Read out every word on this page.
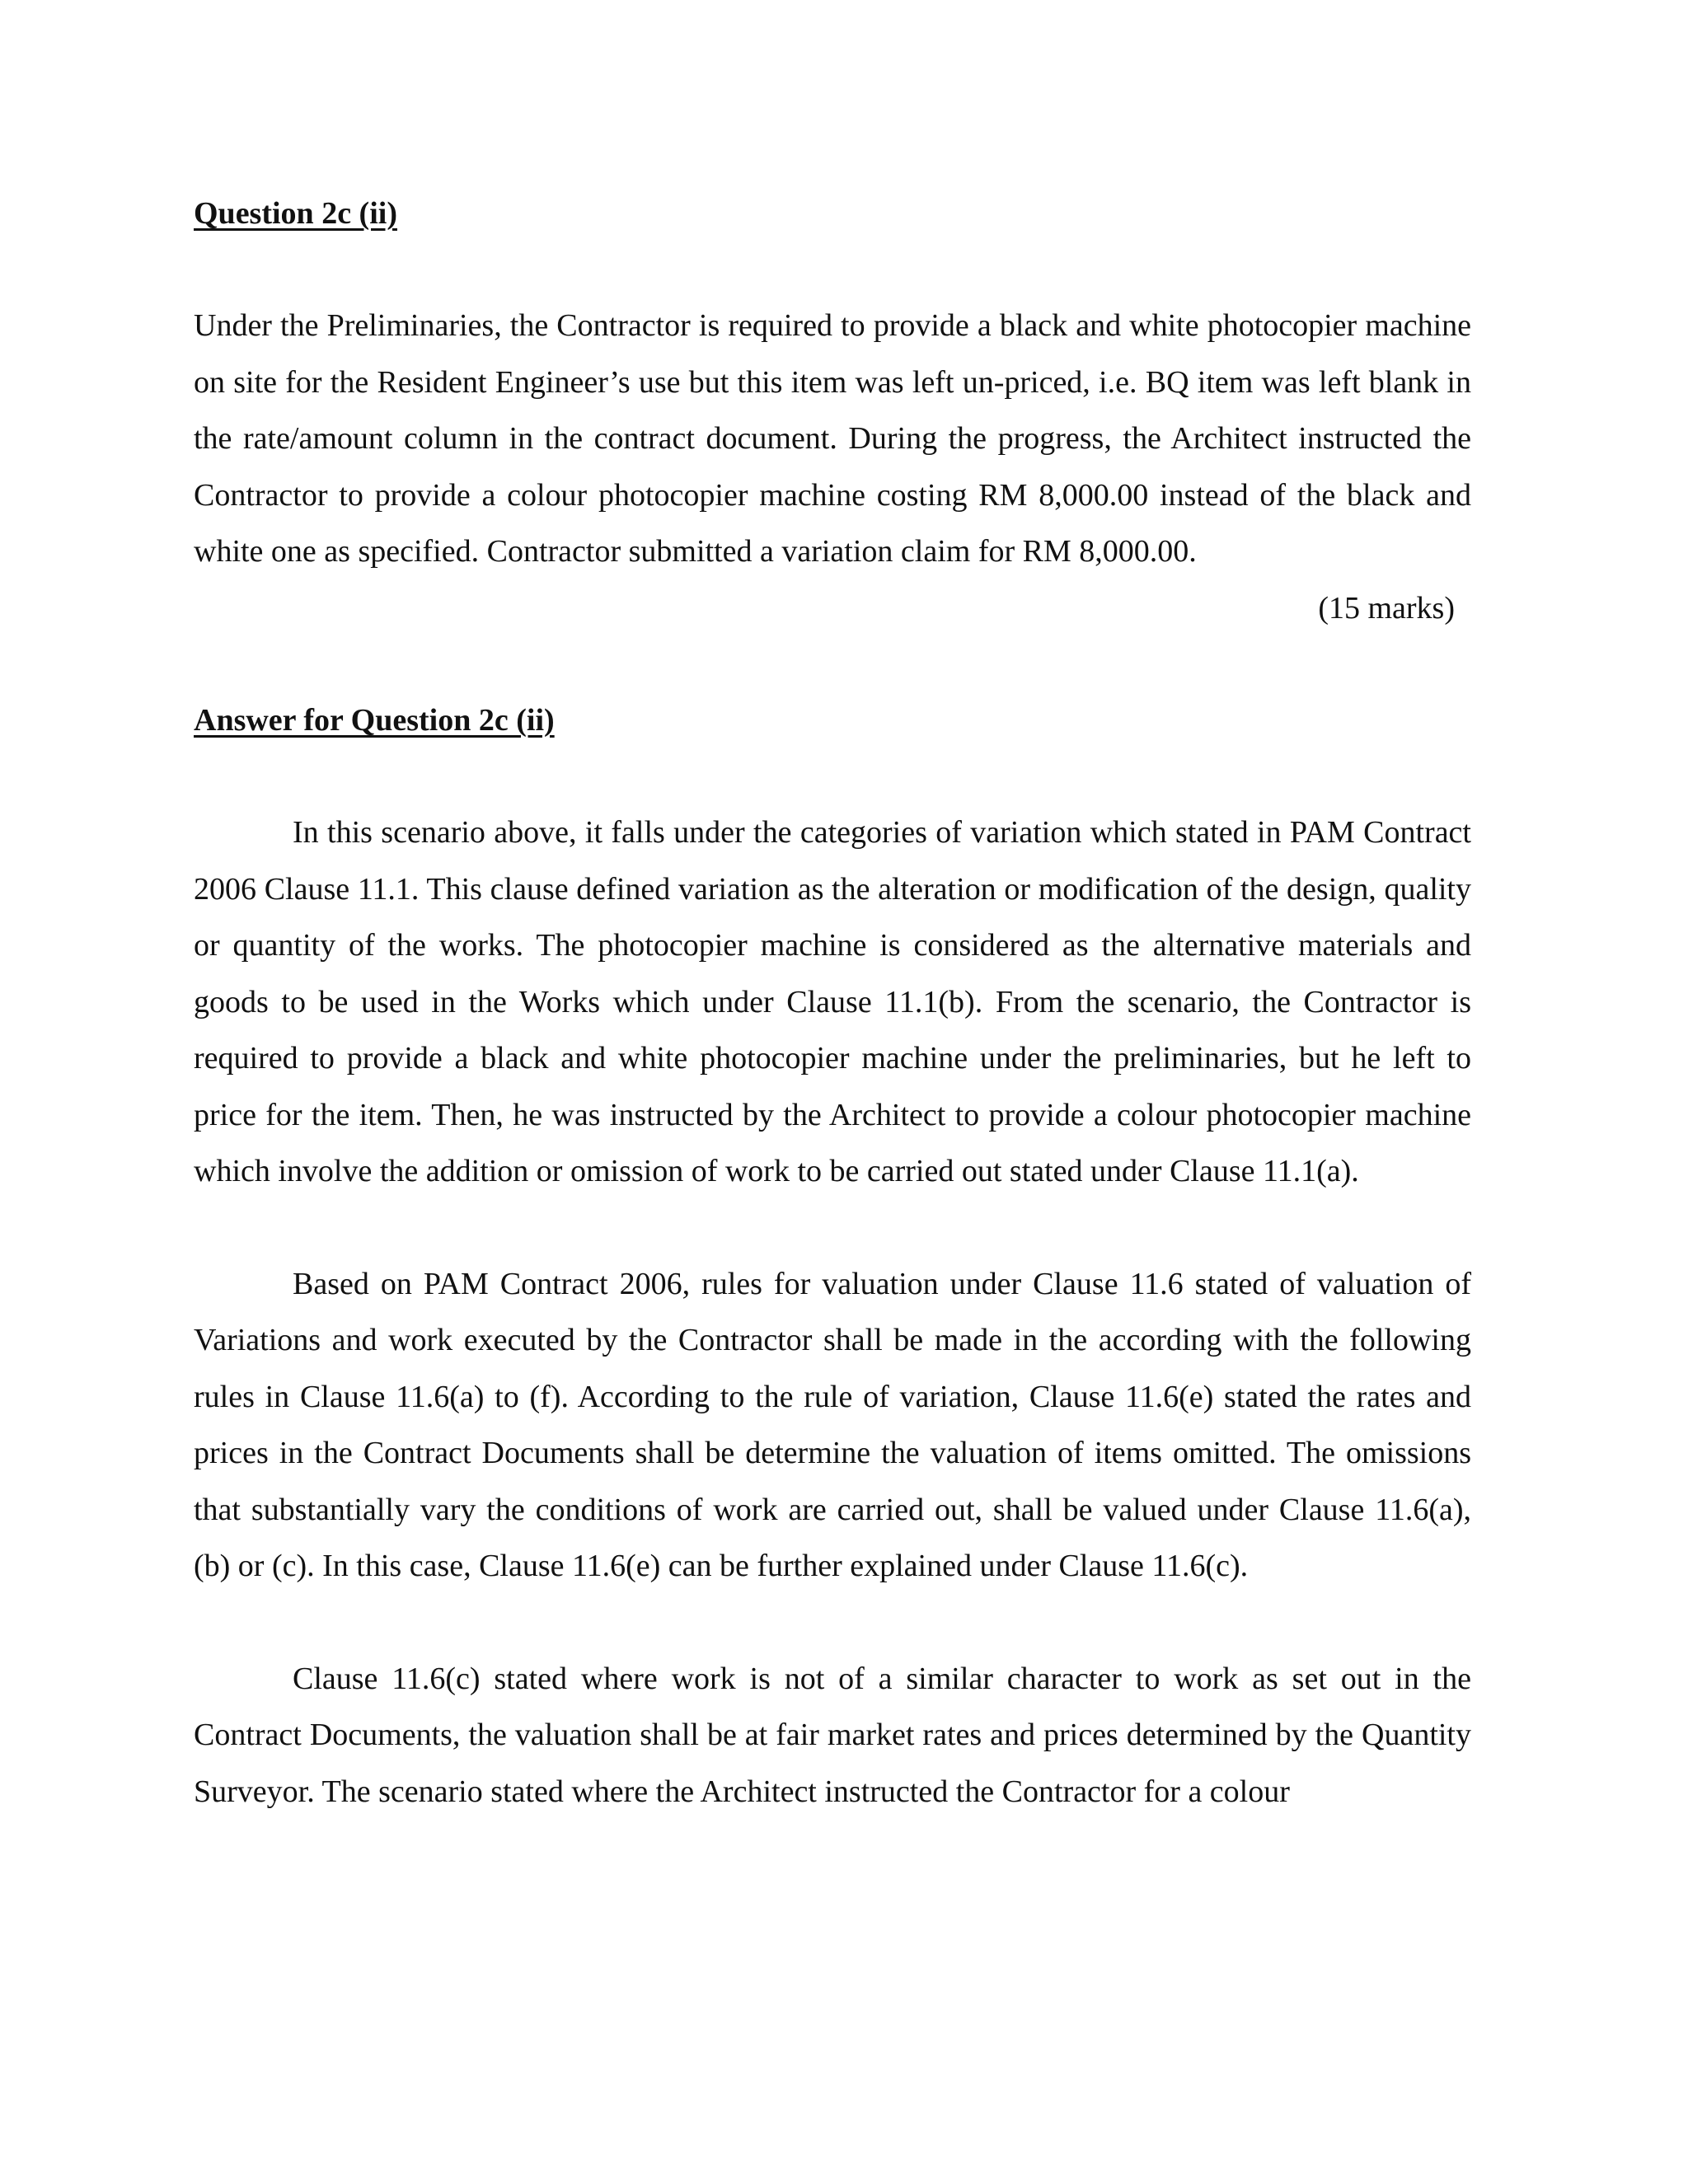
Question 2c (ii)

Under the Preliminaries, the Contractor is required to provide a black and white photocopier machine on site for the Resident Engineer’s use but this item was left un-priced, i.e. BQ item was left blank in the rate/amount column in the contract document. During the progress, the Architect instructed the Contractor to provide a colour photocopier machine costing RM 8,000.00 instead of the black and white one as specified. Contractor submitted a variation claim for RM 8,000.00.

(15 marks)

Answer for Question 2c (ii)

In this scenario above, it falls under the categories of variation which stated in PAM Contract 2006 Clause 11.1. This clause defined variation as the alteration or modification of the design, quality or quantity of the works. The photocopier machine is considered as the alternative materials and goods to be used in the Works which under Clause 11.1(b). From the scenario, the Contractor is required to provide a black and white photocopier machine under the preliminaries, but he left to price for the item. Then, he was instructed by the Architect to provide a colour photocopier machine which involve the addition or omission of work to be carried out stated under Clause 11.1(a).

Based on PAM Contract 2006, rules for valuation under Clause 11.6 stated of valuation of Variations and work executed by the Contractor shall be made in the according with the following rules in Clause 11.6(a) to (f). According to the rule of variation, Clause 11.6(e) stated the rates and prices in the Contract Documents shall be determine the valuation of items omitted. The omissions that substantially vary the conditions of work are carried out, shall be valued under Clause 11.6(a), (b) or (c). In this case, Clause 11.6(e) can be further explained under Clause 11.6(c).

Clause 11.6(c) stated where work is not of a similar character to work as set out in the Contract Documents, the valuation shall be at fair market rates and prices determined by the Quantity Surveyor. The scenario stated where the Architect instructed the Contractor for a colour
